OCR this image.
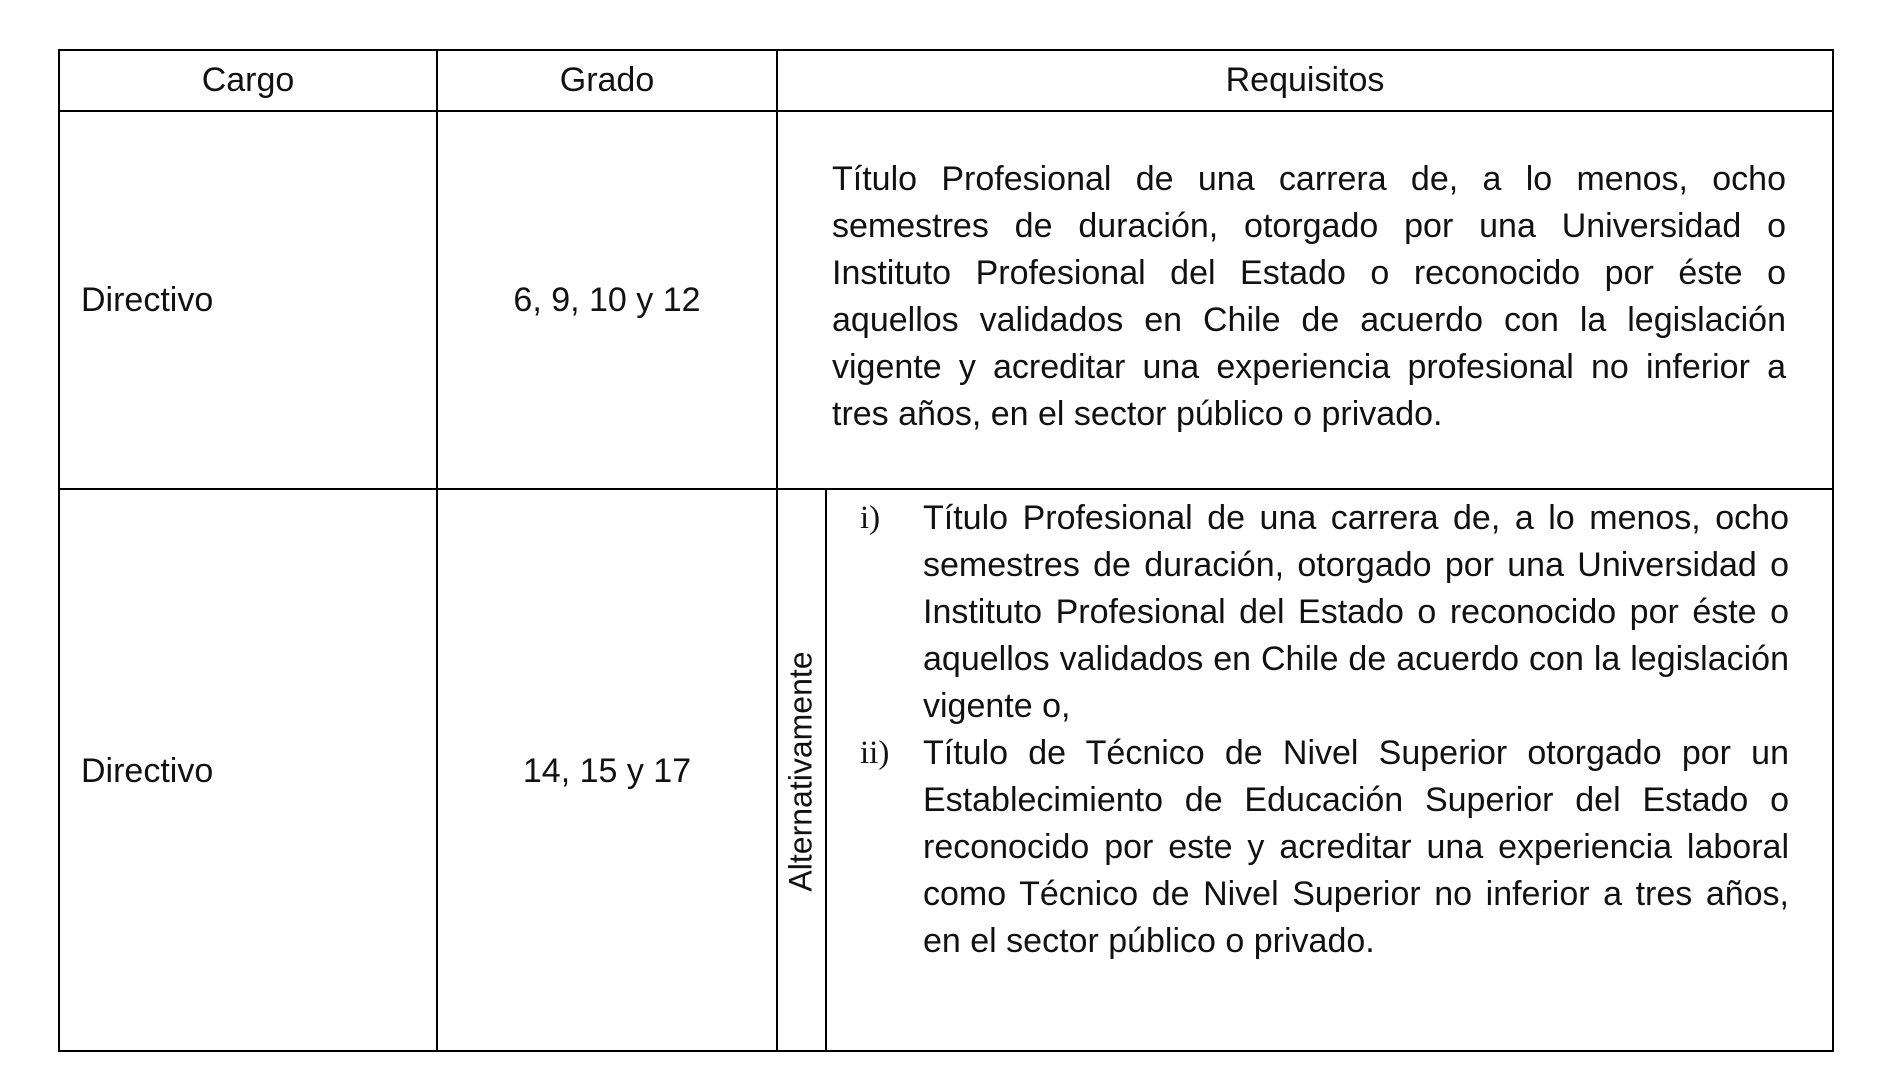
Cargo	Grado	Requisitos
Directivo	6, 9, 10 y 12
Título Profesional de una carrera de, a lo menos, ocho semestres de duración, otorgado por una Universidad o Instituto Profesional del Estado o reconocido por éste o aquellos validados en Chile de acuerdo con la legislación vigente y acreditar una experiencia profesional no inferior a tres años, en el sector público o privado.
Directivo	14, 15 y 17	Alternativamente
i)	Título Profesional de una carrera de, a lo menos, ocho semestres de duración, otorgado por una Universidad o Instituto Profesional del Estado o reconocido por éste o aquellos validados en Chile de acuerdo con la legislación vigente o,
ii) Título de Técnico de Nivel Superior otorgado por un Establecimiento de Educación Superior del Estado o reconocido por este y acreditar una experiencia laboral como Técnico de Nivel Superior no inferior a tres años, en el sector público o privado.
